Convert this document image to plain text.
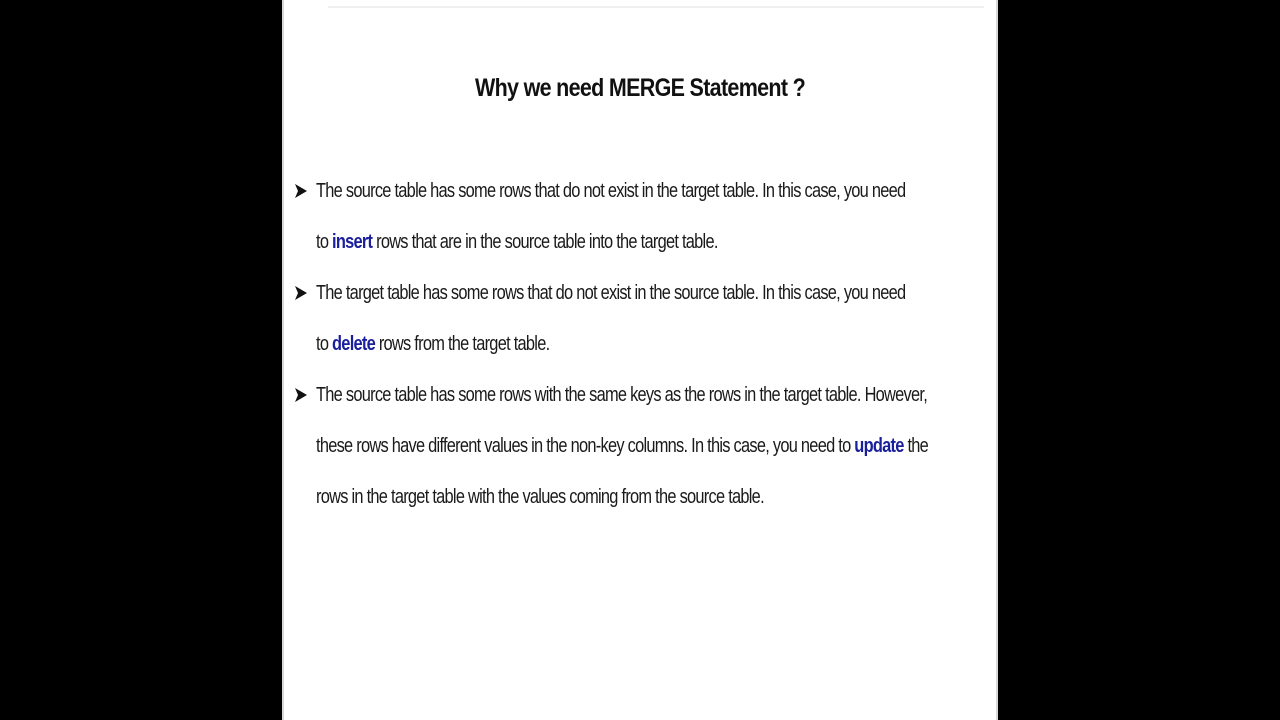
Why we need MERGE Statement ?
The source table has some rows that do not exist in the target table. In this case, you need
to insert rows that are in the source table into the target table.
The target table has some rows that do not exist in the source table. In this case, you need
to delete rows from the target table.
The source table has some rows with the same keys as the rows in the target table. However,
these rows have different values in the non-key columns. In this case, you need to update the
rows in the target table with the values coming from the source table.
